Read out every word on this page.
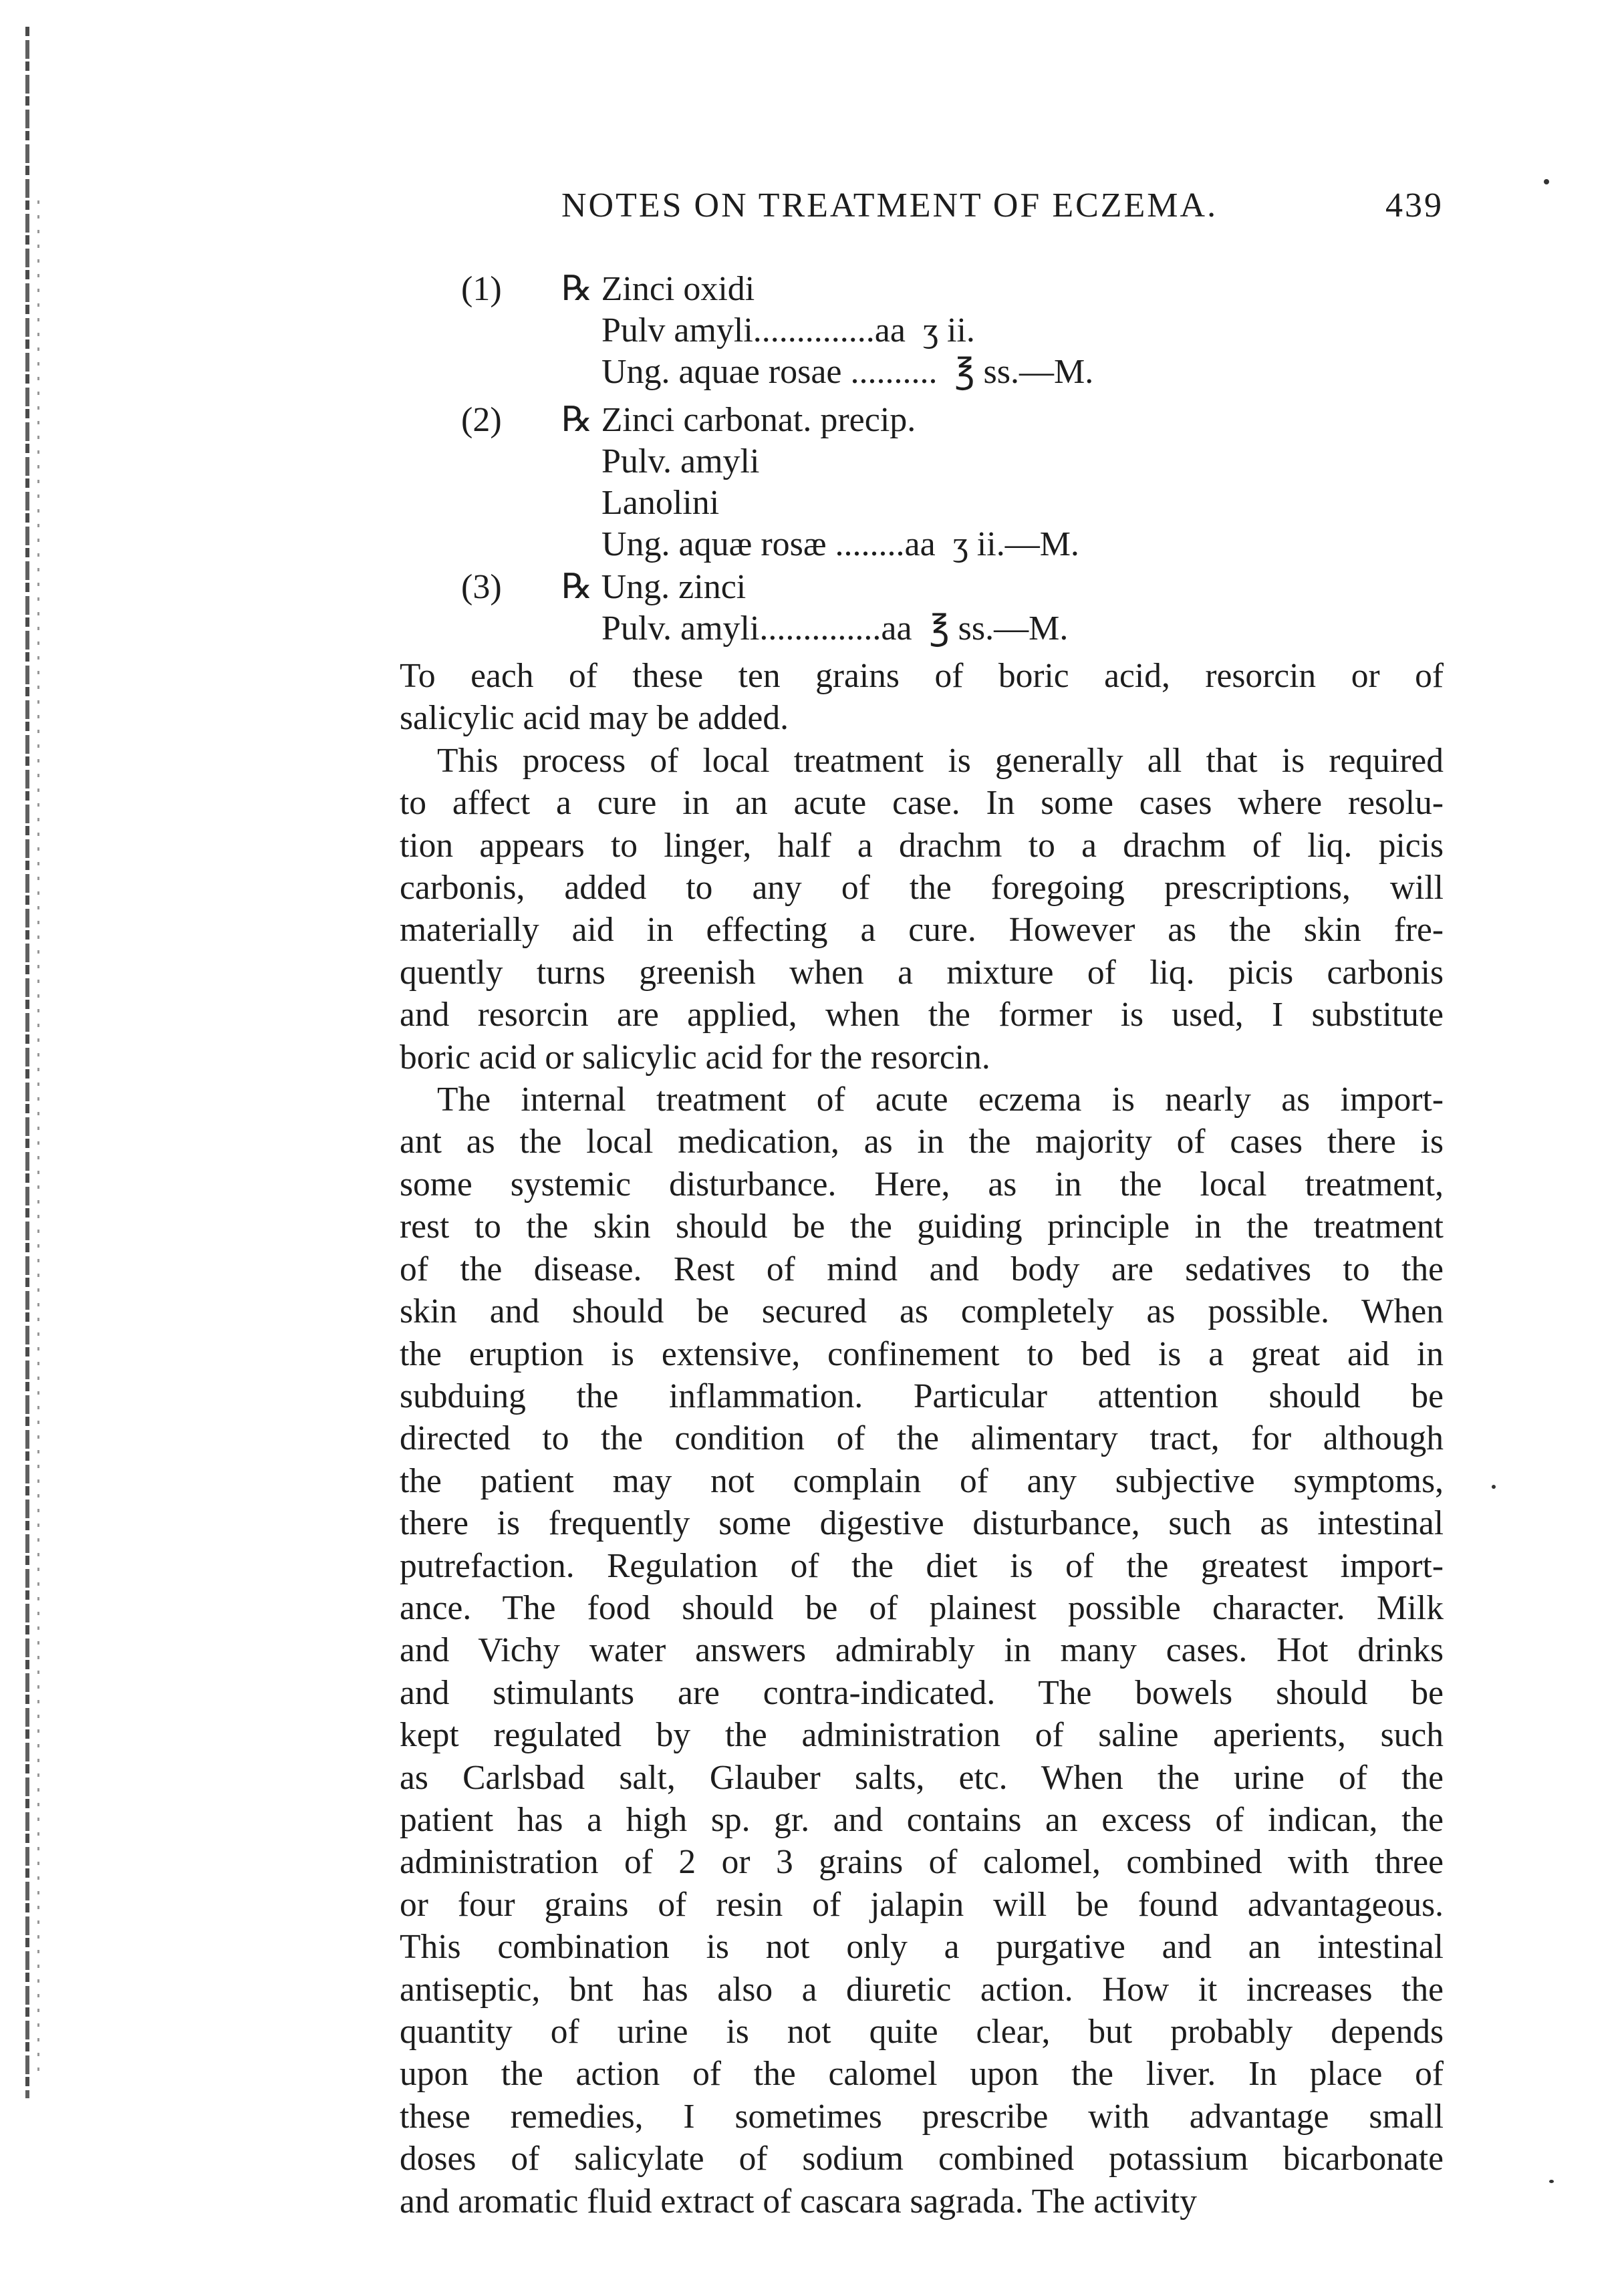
NOTES ON TREATMENT OF ECZEMA.	439

(1)

℞ Zinci oxidi

Pulv amyli..............aa  ʒ ii.

Ung. aquae rosae ..........  ℥ ss.—M.

(2)

℞ Zinci carbonat. precip.

Pulv. amyli

Lanolini

Ung. aquæ rosæ ........aa  ʒ ii.—M.

(3)

℞ Ung. zinci

Pulv. amyli..............aa  ℥ ss.—M.

To each of these ten grains of boric acid, resorcin or of
salicylic acid may be added.

This process of local treatment is generally all that is required
to affect a cure in an acute case. In some cases where resolu-
tion appears to linger, half a drachm to a drachm of liq. picis
carbonis, added to any of the foregoing prescriptions, will
materially aid in effecting a cure. However as the skin fre-
quently turns greenish when a mixture of liq. picis carbonis
and resorcin are applied, when the former is used, I substitute
boric acid or salicylic acid for the resorcin.

The internal treatment of acute eczema is nearly as import-
ant as the local medication, as in the majority of cases there is
some systemic disturbance. Here, as in the local treatment,
rest to the skin should be the guiding principle in the treatment
of the disease. Rest of mind and body are sedatives to the
skin and should be secured as completely as possible. When
the eruption is extensive, confinement to bed is a great aid in
subduing the inflammation. Particular attention should be
directed to the condition of the alimentary tract, for although
the patient may not complain of any subjective symptoms,
there is frequently some digestive disturbance, such as intestinal
putrefaction. Regulation of the diet is of the greatest import-
ance. The food should be of plainest possible character. Milk
and Vichy water answers admirably in many cases. Hot drinks
and stimulants are contra-indicated. The bowels should be
kept regulated by the administration of saline aperients, such
as Carlsbad salt, Glauber salts, etc. When the urine of the
patient has a high sp. gr. and contains an excess of indican, the
administration of 2 or 3 grains of calomel, combined with three
or four grains of resin of jalapin will be found advantageous.
This combination is not only a purgative and an intestinal
antiseptic, bnt has also a diuretic action. How it increases the
quantity of urine is not quite clear, but probably depends
upon the action of the calomel upon the liver. In place of
these remedies, I sometimes prescribe with advantage small
doses of salicylate of sodium combined potassium bicarbonate
and aromatic fluid extract of cascara sagrada. The activity
